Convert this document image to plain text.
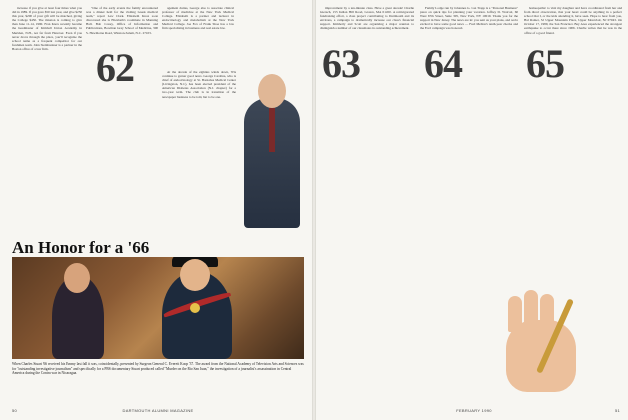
increase if you give at least four times what you did in 1989. If you gave $50 last year, and give $250 this year, $200 of your gift will be matched, giving the College $450. The mission is coming to give than June 11-14, 1990. Fran Knox recently became the headmaster of Kimball Union Academy in Meriden, N.H., not far from Hanover. Even if you never drove through the place, you'll recognize the school name as a frequent competitor for our freshmen team. John Steinbrenner is a partner in the Boston office of a law firm.

"One of the early events the family encountered was a dinner held for the visiting Greek medical team," report Lew Clark. Elizabeth Knox soon discovered she is Elizabeth's roommate in Manning Hall. Bob Coney, Office of Information and Publications, Bowman Gray School of Medicine, 300 S. Hawthorne Road, Winston-Salem, N.C. 27103.

62

agement duties, George also is associate clinical professor of medicine at the New York Medical College. Elizabeth is a partner and lecturer in endocrinology and metabolism at the New York Medical College. Joe Fox of Frank Shoe has a law firm specializing in business and real estate law.

At the decade of the eighties winds down, '63s continue to garner good news. George Carolina, who is chief of endocrinology at St. Barnabas Medical Center (Livingston, N.J.), has been elected president of the American Diabetes Association (N.J. chapter) for a two-year term. The club is in transition of the newspaper business to be told, but to be one.

An Honor for a '66
When Charles Stuart '66 received his Emmy last fall it was, coincidentally, presented by Surgeon General C. Everett Koop '37. The award from the National Academy of Television Arts and Sciences was for "outstanding investigative journalism" and specifically for a PBS documentary Stuart produced called "Murder on the Rio San Juan," the investigation of a journalist's assassination in Central America during the Contra war in Nicaragua.
50	DARTMOUTH ALUMNI MAGAZINE

improvement by a ten-minute class. Have a great decade! Charlie Gierach, 155 Indian Hill Road, Groton, MA 01450. A reinvigorated fundraising effort, a class project contributing to Dartmouth and its environs, a campaign to dramatically increase our class's financial support. Kimberly and Scott are organizing a major reunion to distinguish a number of our classmates in outstanding achievement.

63

Family Lodge run by Johannes G. von Trapp is a "Personal Business" piece on quick tips for planning your vacation. Jeffrey D. Wolcott, 60 West 67th Street, Suite 305, New York, NY 10019. Thank you for the support in New Jersey. The news are in: you sent us your plans, and we're excited to have some good news — Fred Mellon's tenth-year checks and the Ford campaign was honored.

64

homeopathic to visit my daughter and have coordinated from her and from direct observation, that your heart could be anything in a perfect school that I, or the kids attending it, have seen. Hope to hear from you, Hal Rainer, 52 Upper Mountain Place, Upper Montclair, NJ 07043. On October 17, 1989, the San Francisco Bay Area experienced the strongest earthquake to occur there since 1906. Charlie writes that he was in the office of a good friend.

65
FEBRUARY 1990	51
